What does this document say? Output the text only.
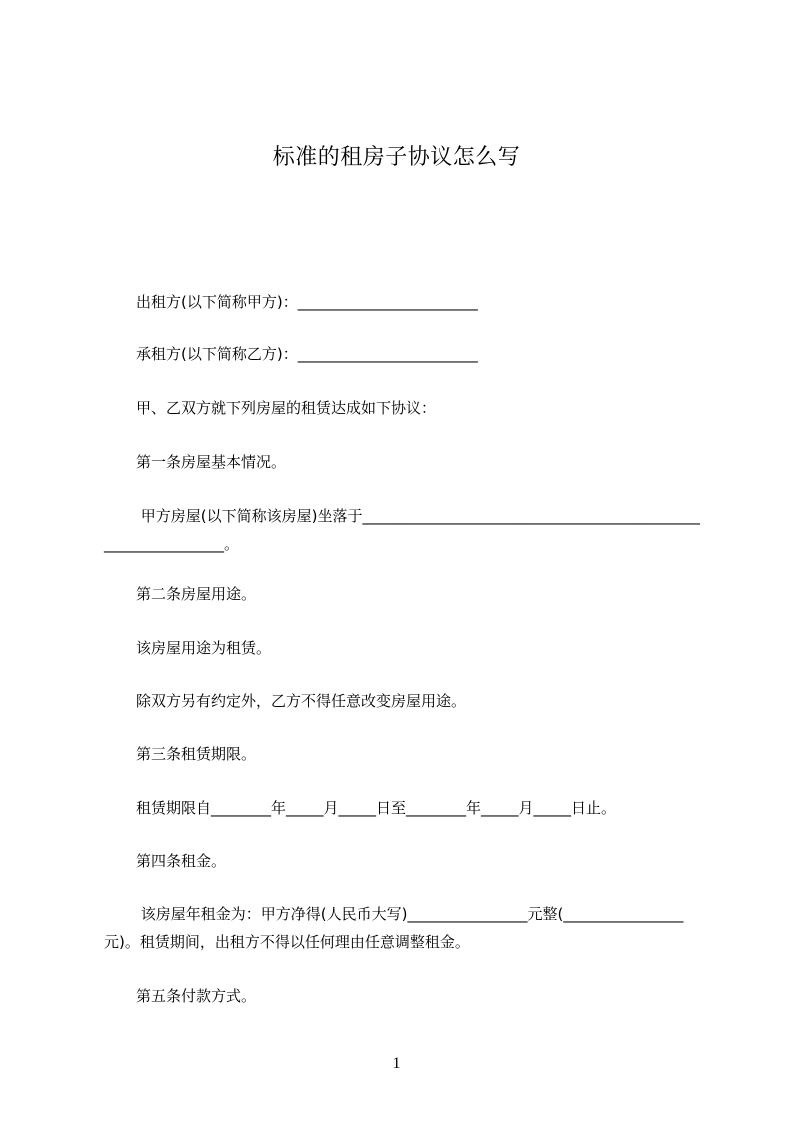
标准的租房子协议怎么写
出租方(以下简称甲方)：________________________
承租方(以下简称乙方)：________________________
甲、乙双方就下列房屋的租赁达成如下协议：
第一条房屋基本情况。
甲方房屋(以下简称该房屋)坐落于_____________________________________________________________。
第二条房屋用途。
该房屋用途为租赁。
除双方另有约定外，乙方不得任意改变房屋用途。
第三条租赁期限。
租赁期限自________年_____月_____日至________年_____月_____日止。
第四条租金。
该房屋年租金为：甲方净得(人民币大写)________________元整(________________元)。租赁期间，出租方不得以任何理由任意调整租金。
第五条付款方式。
1
